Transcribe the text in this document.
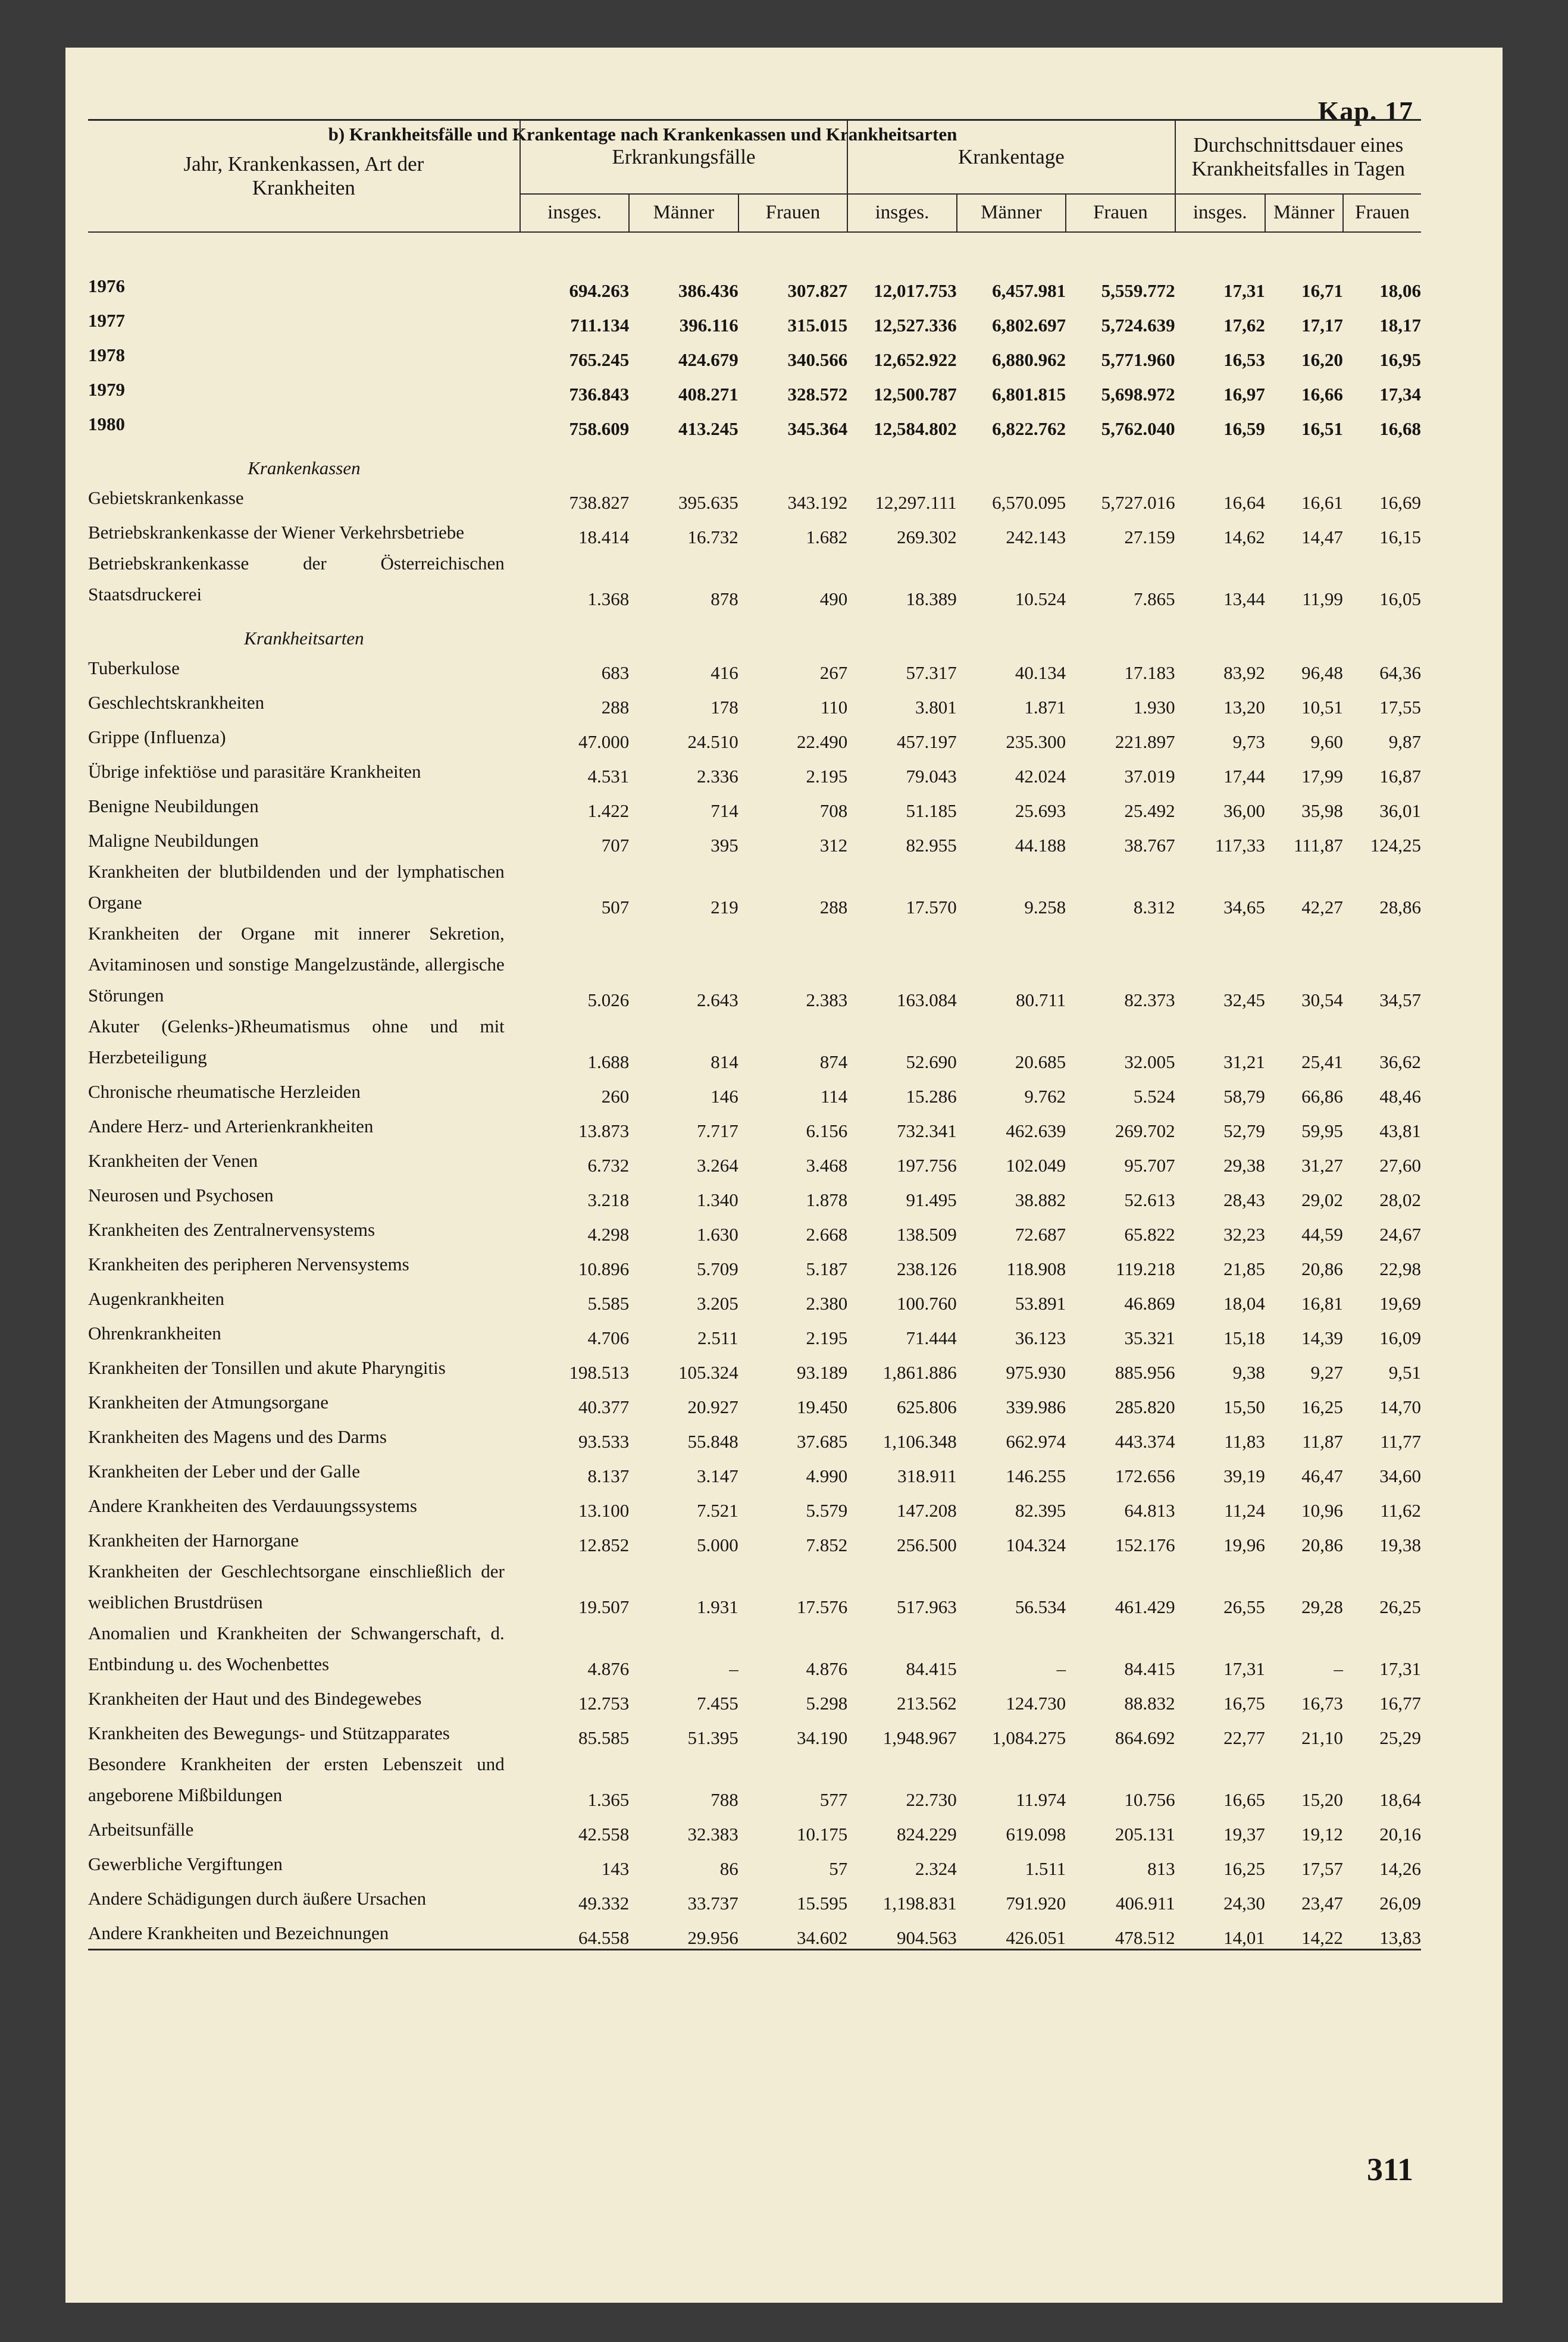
Kap. 17
b) Krankheitsfälle und Krankentage nach Krankenkassen und Krankheitsarten
311
Jahr, Krankenkassen, Art der Krankheiten	Erkrankungsfälle			Krankentage			Durchschnittsdauer eines Krankheitsfalles in Tagen		
	insges.	Männer	Frauen	insges.	Männer	Frauen	insges.	Männer	Frauen

1976	694.263	386.436	307.827	12,017.753	6,457.981	5,559.772	17,31	16,71	18,06
1977	711.134	396.116	315.015	12,527.336	6,802.697	5,724.639	17,62	17,17	18,17
1978	765.245	424.679	340.566	12,652.922	6,880.962	5,771.960	16,53	16,20	16,95
1979	736.843	408.271	328.572	12,500.787	6,801.815	5,698.972	16,97	16,66	17,34
1980	758.609	413.245	345.364	12,584.802	6,822.762	5,762.040	16,59	16,51	16,68
Krankenkassen									
Gebietskrankenkasse	738.827	395.635	343.192	12,297.111	6,570.095	5,727.016	16,64	16,61	16,69
Betriebskrankenkasse der Wiener Verkehrsbetriebe	18.414	16.732	1.682	269.302	242.143	27.159	14,62	14,47	16,15
Betriebskrankenkasse der Österreichischen Staatsdruckerei	1.368	878	490	18.389	10.524	7.865	13,44	11,99	16,05
Krankheitsarten									
Tuberkulose	683	416	267	57.317	40.134	17.183	83,92	96,48	64,36
Geschlechtskrankheiten	288	178	110	3.801	1.871	1.930	13,20	10,51	17,55
Grippe (Influenza)	47.000	24.510	22.490	457.197	235.300	221.897	9,73	9,60	9,87
Übrige infektiöse und parasitäre Krankheiten	4.531	2.336	2.195	79.043	42.024	37.019	17,44	17,99	16,87
Benigne Neubildungen	1.422	714	708	51.185	25.693	25.492	36,00	35,98	36,01
Maligne Neubildungen	707	395	312	82.955	44.188	38.767	117,33	111,87	124,25
Krankheiten der blutbildenden und der lymphatischen Organe	507	219	288	17.570	9.258	8.312	34,65	42,27	28,86
Krankheiten der Organe mit innerer Sekretion, Avitaminosen und sonstige Mangelzustände, allergische Störungen	5.026	2.643	2.383	163.084	80.711	82.373	32,45	30,54	34,57
Akuter (Gelenks-)Rheumatismus ohne und mit Herzbeteiligung	1.688	814	874	52.690	20.685	32.005	31,21	25,41	36,62
Chronische rheumatische Herzleiden	260	146	114	15.286	9.762	5.524	58,79	66,86	48,46
Andere Herz- und Arterienkrankheiten	13.873	7.717	6.156	732.341	462.639	269.702	52,79	59,95	43,81
Krankheiten der Venen	6.732	3.264	3.468	197.756	102.049	95.707	29,38	31,27	27,60
Neurosen und Psychosen	3.218	1.340	1.878	91.495	38.882	52.613	28,43	29,02	28,02
Krankheiten des Zentralnervensystems	4.298	1.630	2.668	138.509	72.687	65.822	32,23	44,59	24,67
Krankheiten des peripheren Nervensystems	10.896	5.709	5.187	238.126	118.908	119.218	21,85	20,86	22,98
Augenkrankheiten	5.585	3.205	2.380	100.760	53.891	46.869	18,04	16,81	19,69
Ohrenkrankheiten	4.706	2.511	2.195	71.444	36.123	35.321	15,18	14,39	16,09
Krankheiten der Tonsillen und akute Pharyngitis	198.513	105.324	93.189	1,861.886	975.930	885.956	9,38	9,27	9,51
Krankheiten der Atmungsorgane	40.377	20.927	19.450	625.806	339.986	285.820	15,50	16,25	14,70
Krankheiten des Magens und des Darms	93.533	55.848	37.685	1,106.348	662.974	443.374	11,83	11,87	11,77
Krankheiten der Leber und der Galle	8.137	3.147	4.990	318.911	146.255	172.656	39,19	46,47	34,60
Andere Krankheiten des Verdauungssystems	13.100	7.521	5.579	147.208	82.395	64.813	11,24	10,96	11,62
Krankheiten der Harnorgane	12.852	5.000	7.852	256.500	104.324	152.176	19,96	20,86	19,38
Krankheiten der Geschlechtsorgane einschließlich der weiblichen Brustdrüsen	19.507	1.931	17.576	517.963	56.534	461.429	26,55	29,28	26,25
Anomalien und Krankheiten der Schwangerschaft, d. Entbindung u. des Wochenbettes	4.876	–	4.876	84.415	–	84.415	17,31	–	17,31
Krankheiten der Haut und des Bindegewebes	12.753	7.455	5.298	213.562	124.730	88.832	16,75	16,73	16,77
Krankheiten des Bewegungs- und Stützapparates	85.585	51.395	34.190	1,948.967	1,084.275	864.692	22,77	21,10	25,29
Besondere Krankheiten der ersten Lebenszeit und angeborene Mißbildungen	1.365	788	577	22.730	11.974	10.756	16,65	15,20	18,64
Arbeitsunfälle	42.558	32.383	10.175	824.229	619.098	205.131	19,37	19,12	20,16
Gewerbliche Vergiftungen	143	86	57	2.324	1.511	813	16,25	17,57	14,26
Andere Schädigungen durch äußere Ursachen	49.332	33.737	15.595	1,198.831	791.920	406.911	24,30	23,47	26,09
Andere Krankheiten und Bezeichnungen	64.558	29.956	34.602	904.563	426.051	478.512	14,01	14,22	13,83
